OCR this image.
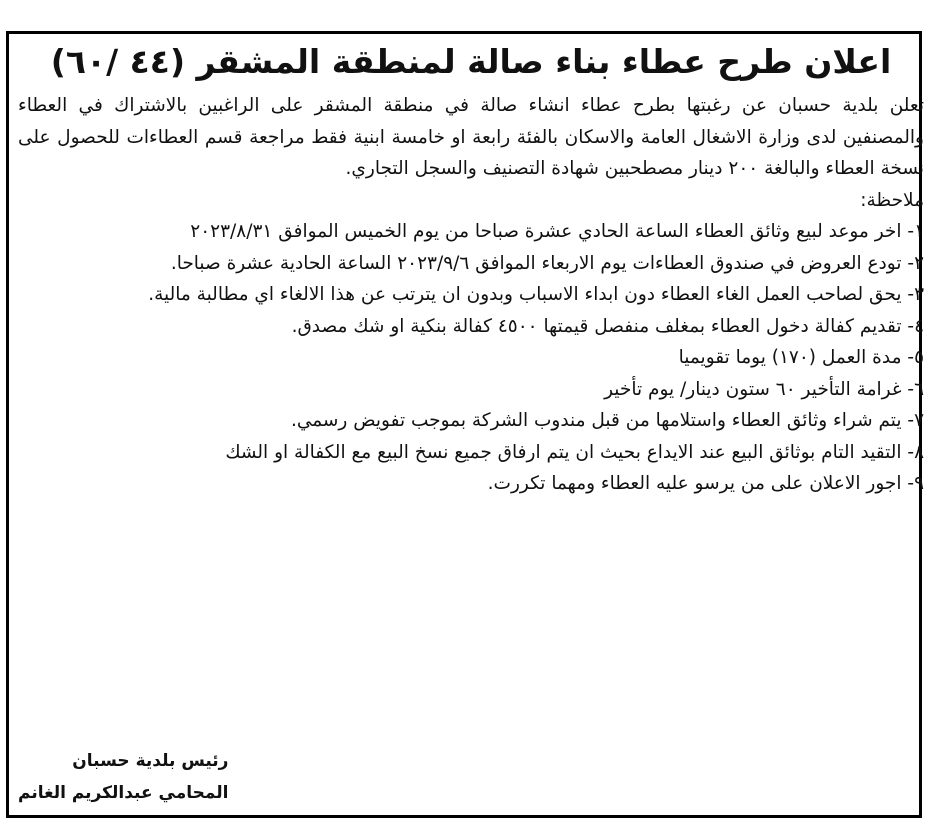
اعلان طرح عطاء بناء صالة لمنطقة المشقر (٤٤ /٦٠)

تعلن بلدية حسبان عن رغبتها بطرح عطاء انشاء صالة في منطقة المشقر على الراغبين بالاشتراك في العطاء والمصنفين لدى وزارة الاشغال العامة والاسكان بالفئة رابعة او خامسة ابنية فقط مراجعة قسم العطاءات للحصول على نسخة العطاء والبالغة ٢٠٠ دينار مصطحبين شهادة التصنيف والسجل التجاري.

ملاحظة:

١- اخر موعد لبيع وثائق العطاء الساعة الحادي عشرة صباحا من يوم الخميس الموافق ٢٠٢٣/٨/٣١
٢- تودع العروض في صندوق العطاءات يوم الاربعاء الموافق ٢٠٢٣/٩/٦ الساعة الحادية عشرة صباحا.
٣- يحق لصاحب العمل الغاء العطاء دون ابداء الاسباب وبدون ان يترتب عن هذا الالغاء اي مطالبة مالية.
٤- تقديم كفالة دخول العطاء بمغلف منفصل قيمتها ٤٥٠٠ كفالة بنكية او شك مصدق.
٥- مدة العمل (١٧٠) يوما تقويميا
٦- غرامة التأخير ٦٠ ستون دينار/ يوم تأخير
٧- يتم شراء وثائق العطاء واستلامها من قبل مندوب الشركة بموجب تفويض رسمي.
٨- التقيد التام بوثائق البيع عند الايداع بحيث ان يتم ارفاق جميع نسخ البيع مع الكفالة او الشك
٩- اجور الاعلان على من يرسو عليه العطاء ومهما تكررت.
رئيس بلدية حسبان
المحامي عبدالكريم الغانم
